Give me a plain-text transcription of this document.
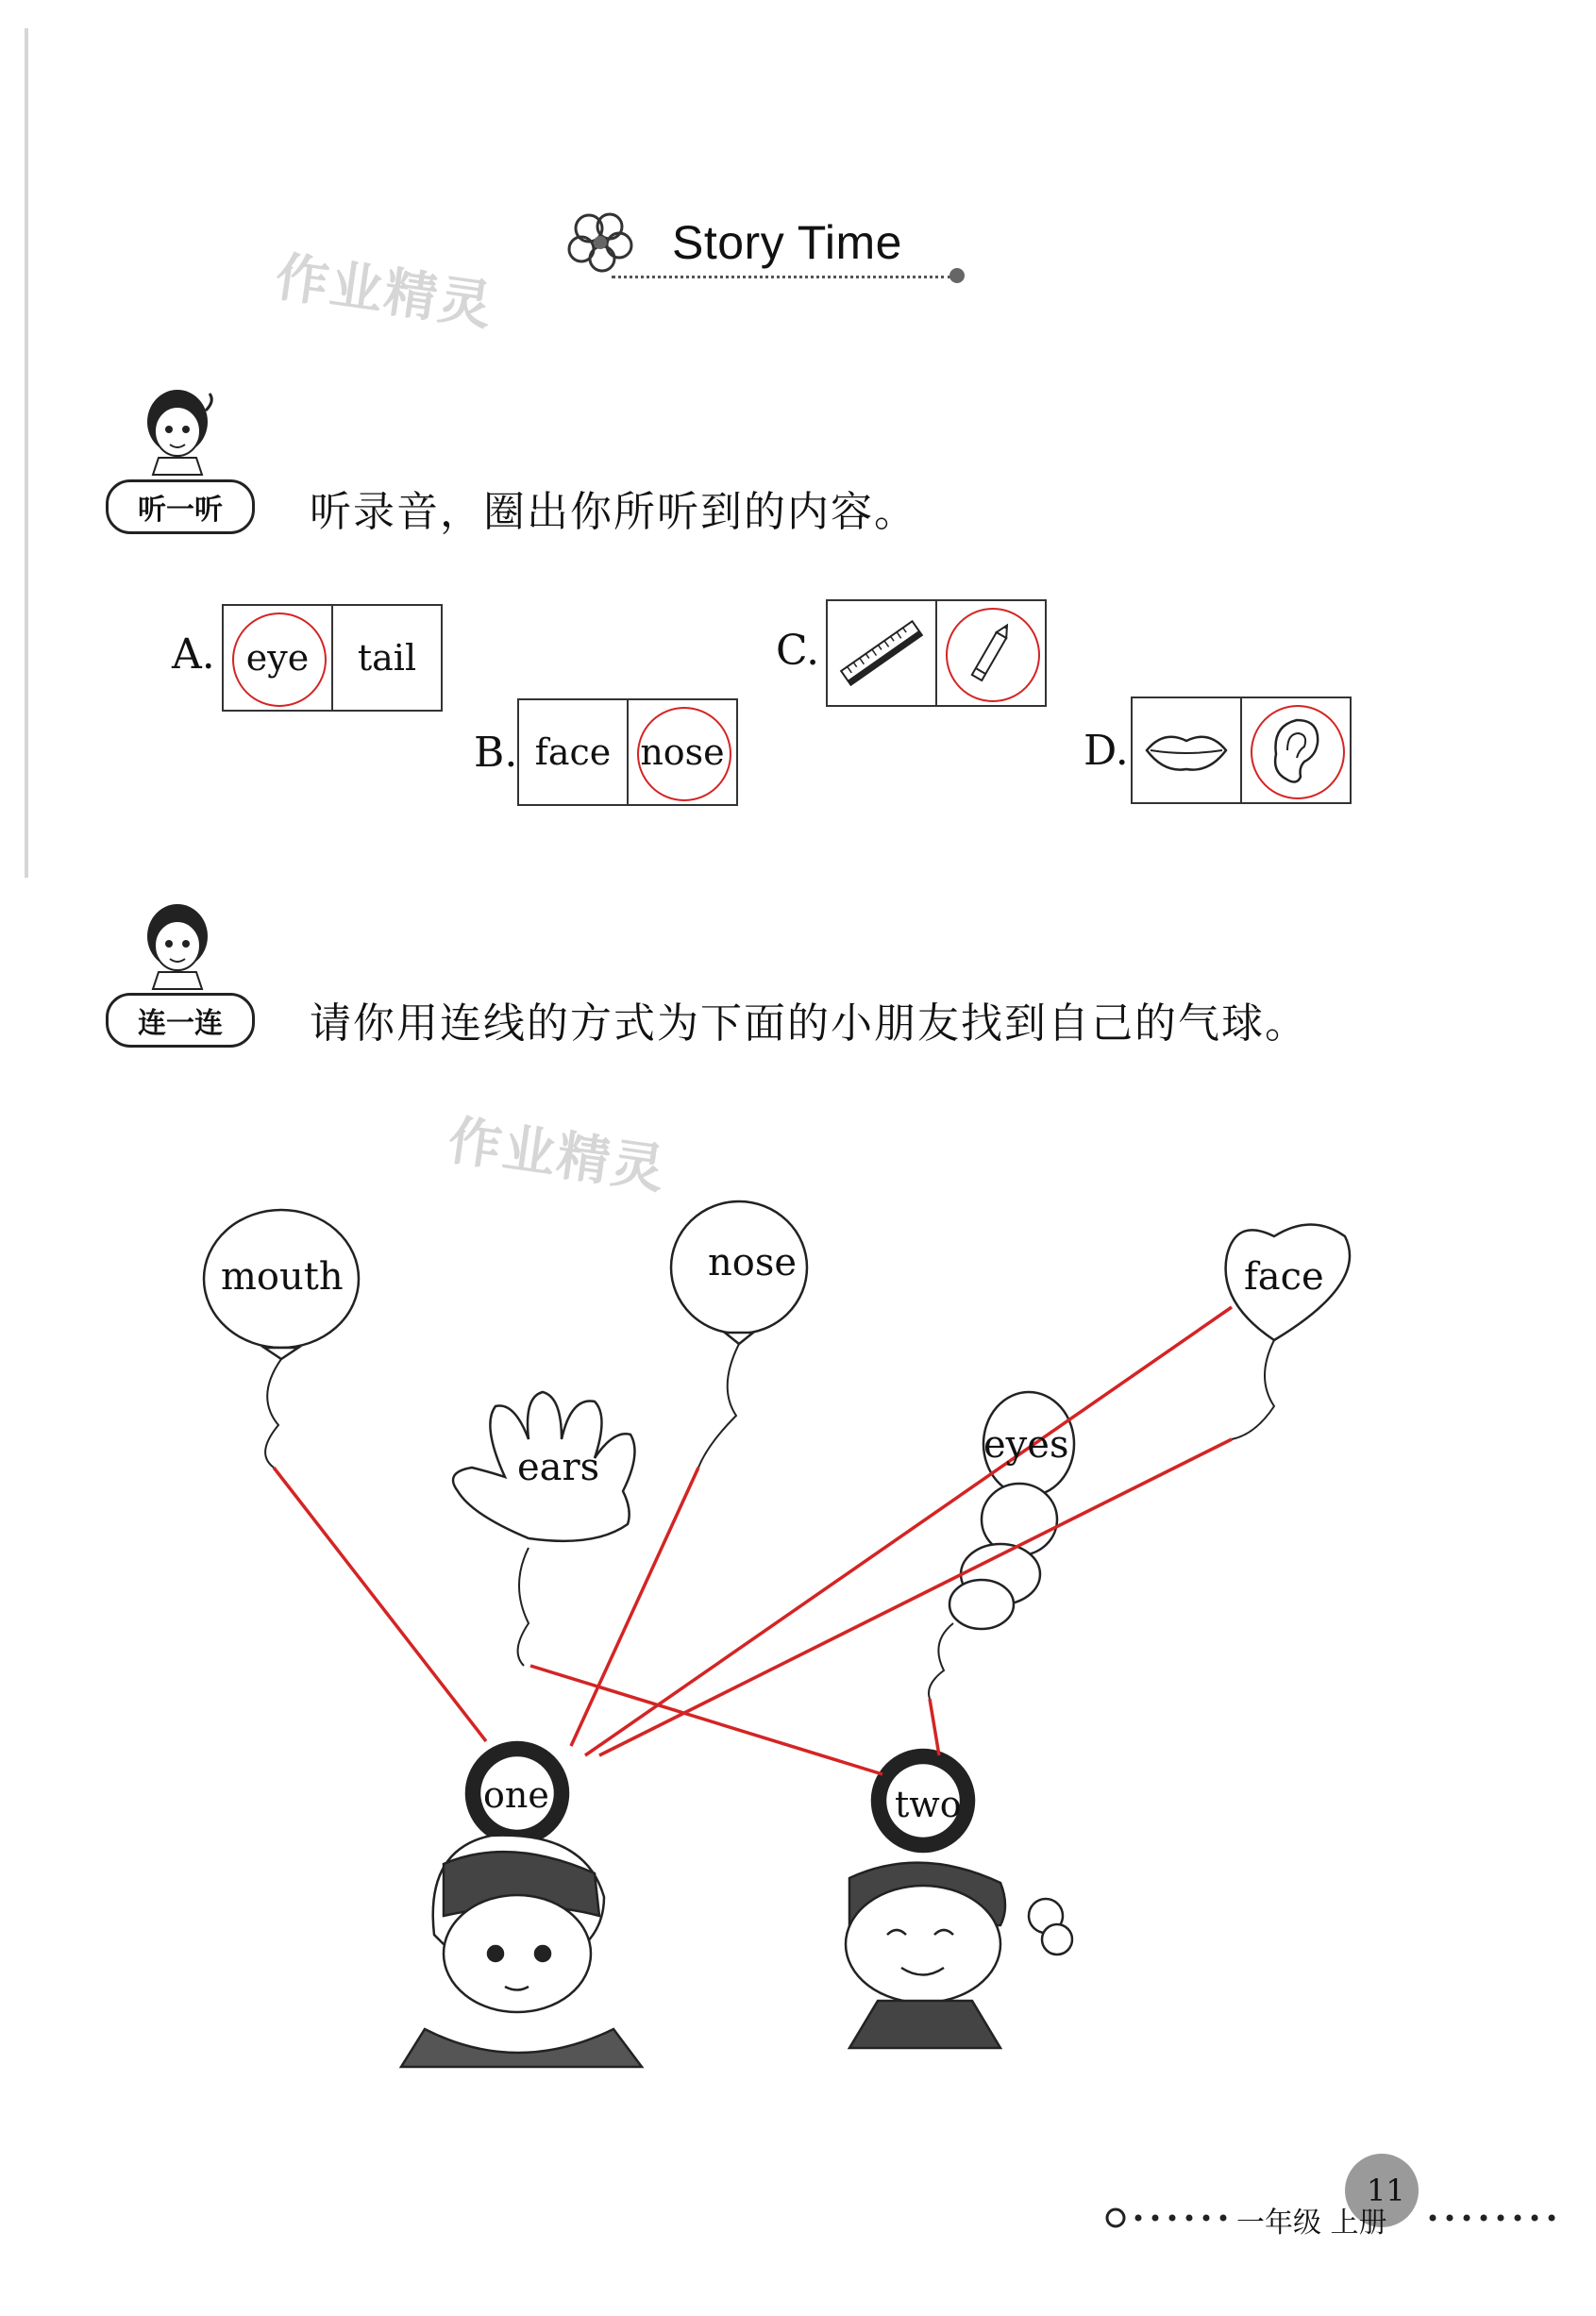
Story Time
作业精灵
作业精灵
听一听	听录音，圈出你所听到的内容。
A. eye tail
B. face nose
C.
D.
连一连	请你用连线的方式为下面的小朋友找到自己的气球。
mouth	nose	face
ears
eyes
one	two
11
一年级 上册
